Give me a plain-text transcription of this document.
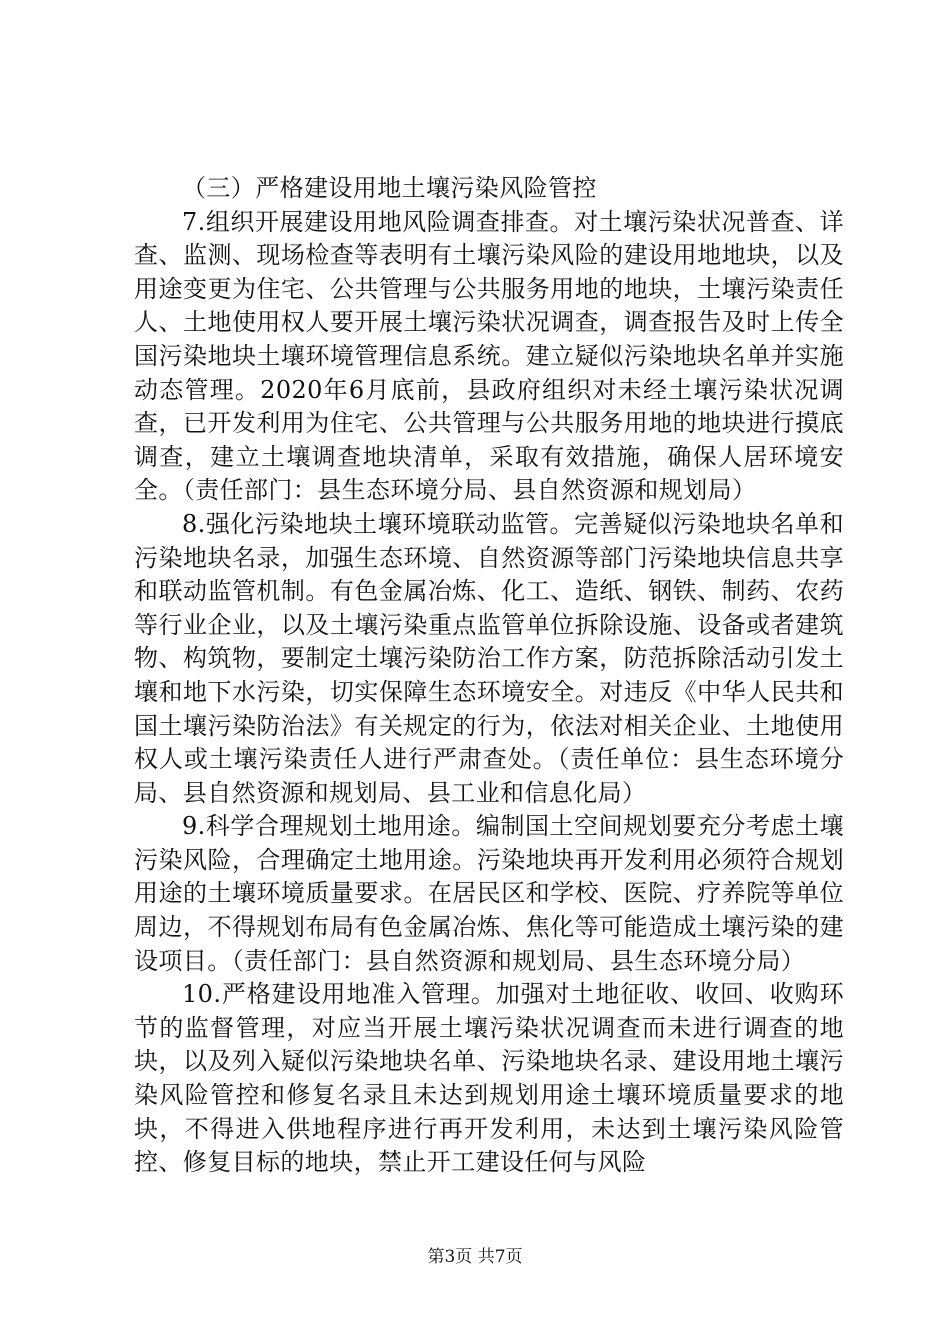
（三）严格建设用地土壤污染风险管控

7.组织开展建设用地风险调查排查。对土壤污染状况普查、详查、监测、现场检查等表明有土壤污染风险的建设用地地块，以及用途变更为住宅、公共管理与公共服务用地的地块，土壤污染责任人、土地使用权人要开展土壤污染状况调查，调查报告及时上传全国污染地块土壤环境管理信息系统。建立疑似污染地块名单并实施动态管理。2020年6月底前，县政府组织对未经土壤污染状况调查，已开发利用为住宅、公共管理与公共服务用地的地块进行摸底调查，建立土壤调查地块清单，采取有效措施，确保人居环境安全。（责任部门：县生态环境分局、县自然资源和规划局）

8.强化污染地块土壤环境联动监管。完善疑似污染地块名单和污染地块名录，加强生态环境、自然资源等部门污染地块信息共享和联动监管机制。有色金属冶炼、化工、造纸、钢铁、制药、农药等行业企业，以及土壤污染重点监管单位拆除设施、设备或者建筑物、构筑物，要制定土壤污染防治工作方案，防范拆除活动引发土壤和地下水污染，切实保障生态环境安全。对违反《中华人民共和国土壤污染防治法》有关规定的行为，依法对相关企业、土地使用权人或土壤污染责任人进行严肃查处。（责任单位：县生态环境分局、县自然资源和规划局、县工业和信息化局）

9.科学合理规划土地用途。编制国土空间规划要充分考虑土壤污染风险，合理确定土地用途。污染地块再开发利用必须符合规划用途的土壤环境质量要求。在居民区和学校、医院、疗养院等单位周边，不得规划布局有色金属冶炼、焦化等可能造成土壤污染的建设项目。（责任部门：县自然资源和规划局、县生态环境分局）

10.严格建设用地准入管理。加强对土地征收、收回、收购环节的监督管理，对应当开展土壤污染状况调查而未进行调查的地块，以及列入疑似污染地块名单、污染地块名录、建设用地土壤污染风险管控和修复名录且未达到规划用途土壤环境质量要求的地块，不得进入供地程序进行再开发利用，未达到土壤污染风险管控、修复目标的地块，禁止开工建设任何与风险

第3页 共7页
